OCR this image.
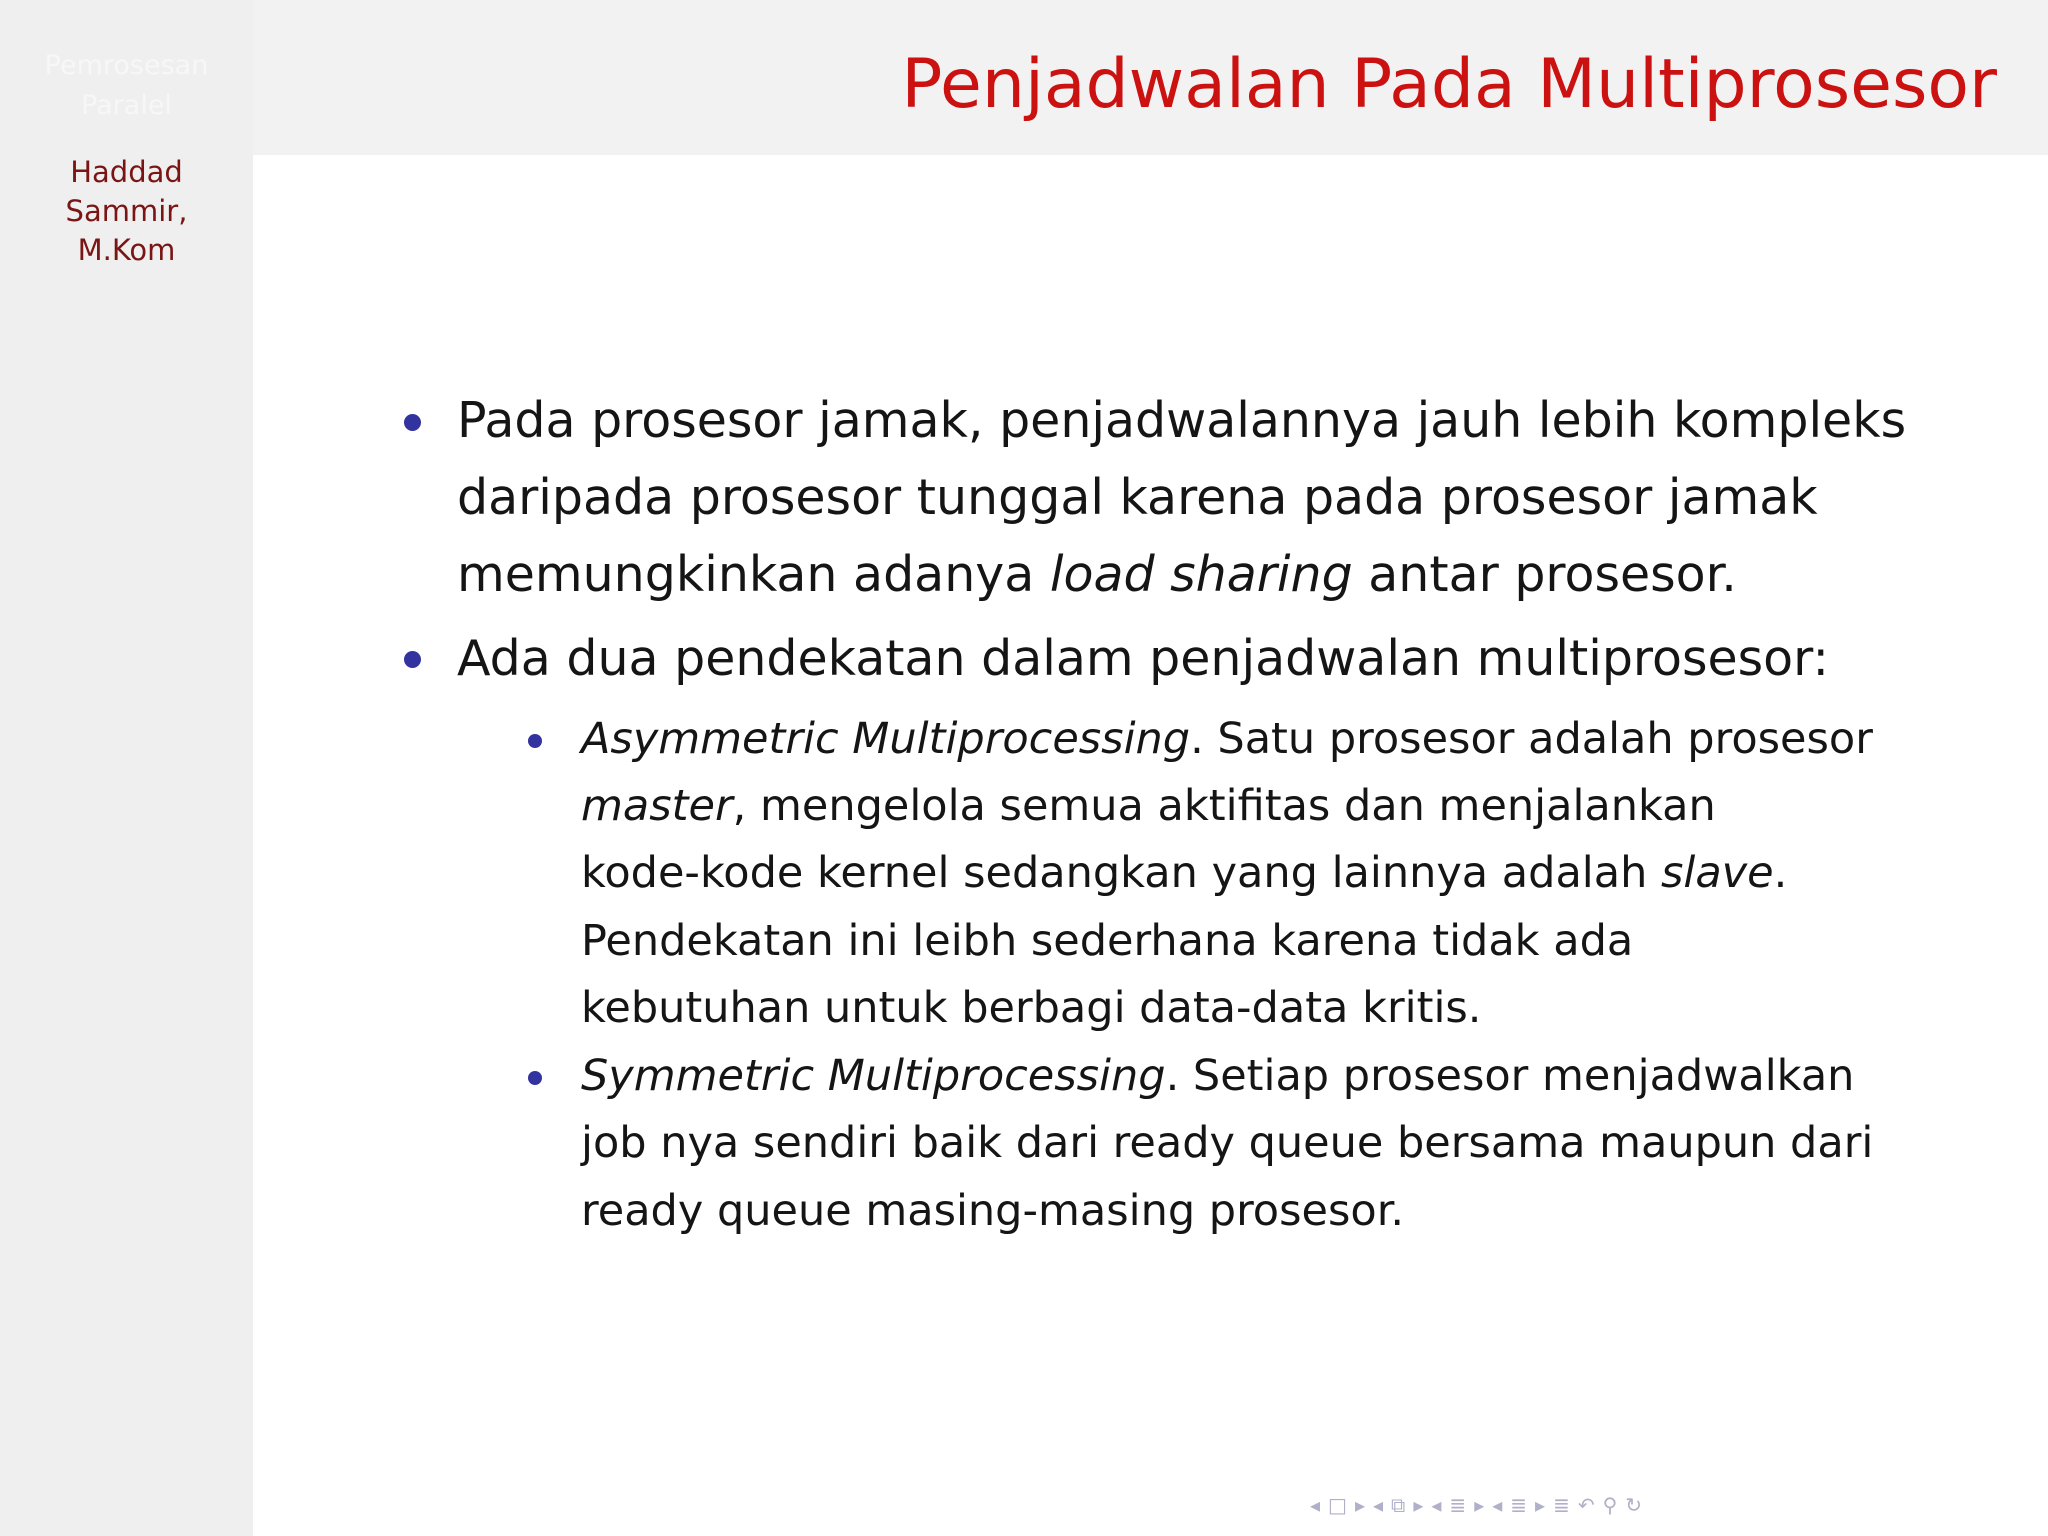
Pemrosesan
Paralel
Haddad
Sammir,
M.Kom
Penjadwalan Pada Multiprosesor
Pada prosesor jamak, penjadwalannya jauh lebih kompleks
daripada prosesor tunggal karena pada prosesor jamak
memungkinkan adanya load sharing antar prosesor.
Ada dua pendekatan dalam penjadwalan multiprosesor:
Asymmetric Multiprocessing. Satu prosesor adalah prosesor
master, mengelola semua aktifitas dan menjalankan
kode-kode kernel sedangkan yang lainnya adalah slave.
Pendekatan ini leibh sederhana karena tidak ada
kebutuhan untuk berbagi data-data kritis.
Symmetric Multiprocessing. Setiap prosesor menjadwalkan
job nya sendiri baik dari ready queue bersama maupun dari
ready queue masing-masing prosesor.
◂ □ ▸ ◂ ⧉ ▸ ◂ ≣ ▸ ◂ ≣ ▸ ≣ ↶ ⚲ ↻
